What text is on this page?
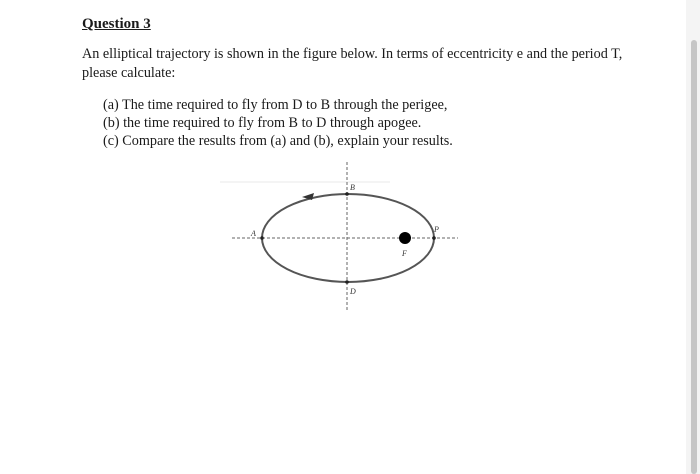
Question 3

An elliptical trajectory is shown in the figure below. In terms of eccentricity e and the period T,
please calculate:

(a) The time required to fly from D to B through the perigee,
(b) the time required to fly from B to D through apogee.
(c) Compare the results from (a) and (b), explain your results.
B
D
A
F
P
